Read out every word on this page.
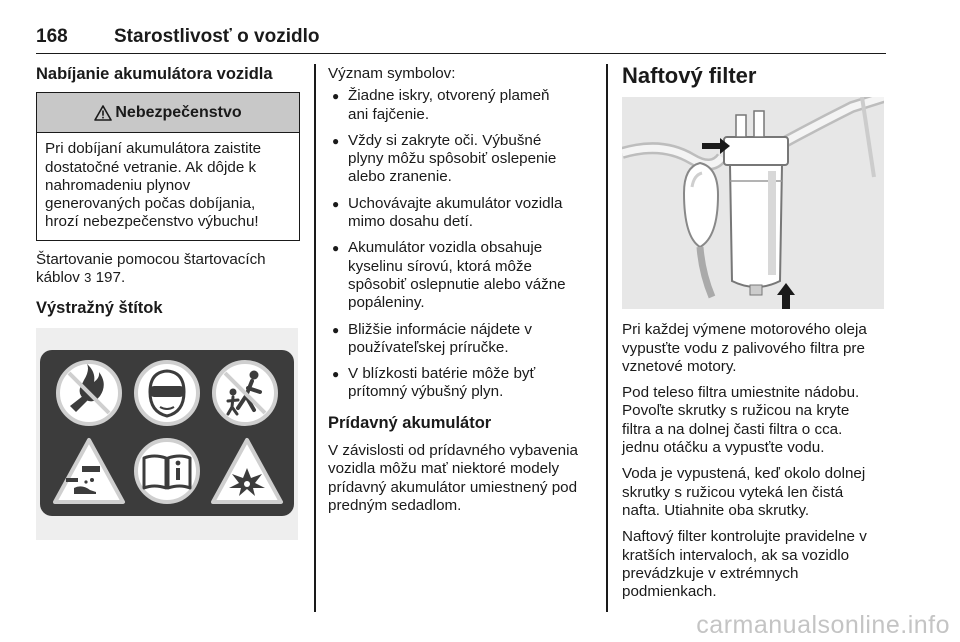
168 Starostlivosť o vozidlo
Nabíjanie akumulátora vozidla
Nebezpečenstvo
Pri dobíjaní akumulátora zaistite
dostatočné vetranie. Ak dôjde k
nahromadeniu plynov
generovaných počas dobíjania,
hrozí nebezpečenstvo výbuchu!

Štartovanie pomocou štartovacích
káblov 3 197.

Výstražný štítok
Význam symbolov:
● Žiadne iskry, otvorený plameň
ani fajčenie.
● Vždy si zakryte oči. Výbušné
plyny môžu spôsobiť oslepenie
alebo zranenie.
● Uchovávajte akumulátor vozidla
mimo dosahu detí.
● Akumulátor vozidla obsahuje
kyselinu sírovú, ktorá môže
spôsobiť oslepnutie alebo vážne
popáleniny.
● Bližšie informácie nájdete v
používateľskej príručke.
● V blízkosti batérie môže byť
prítomný výbušný plyn.
Prídavný akumulátor

V závislosti od prídavného vybavenia
vozidla môžu mať niektoré modely
prídavný akumulátor umiestnený pod
predným sedadlom.

Naftový filter

Pri každej výmene motorového oleja
vypusťte vodu z palivového filtra pre
vznetové motory.

Pod teleso filtra umiestnite nádobu.
Povoľte skrutky s ružicou na kryte
filtra a na dolnej časti filtra o cca.
jednu otáčku a vypusťte vodu.

Voda je vypustená, keď okolo dolnej
skrutky s ružicou vyteká len čistá
nafta. Utiahnite oba skrutky.

Naftový filter kontrolujte pravidelne v
kratších intervaloch, ak sa vozidlo
prevádzkuje v extrémnych
podmienkach.

carmanualsonline.info
